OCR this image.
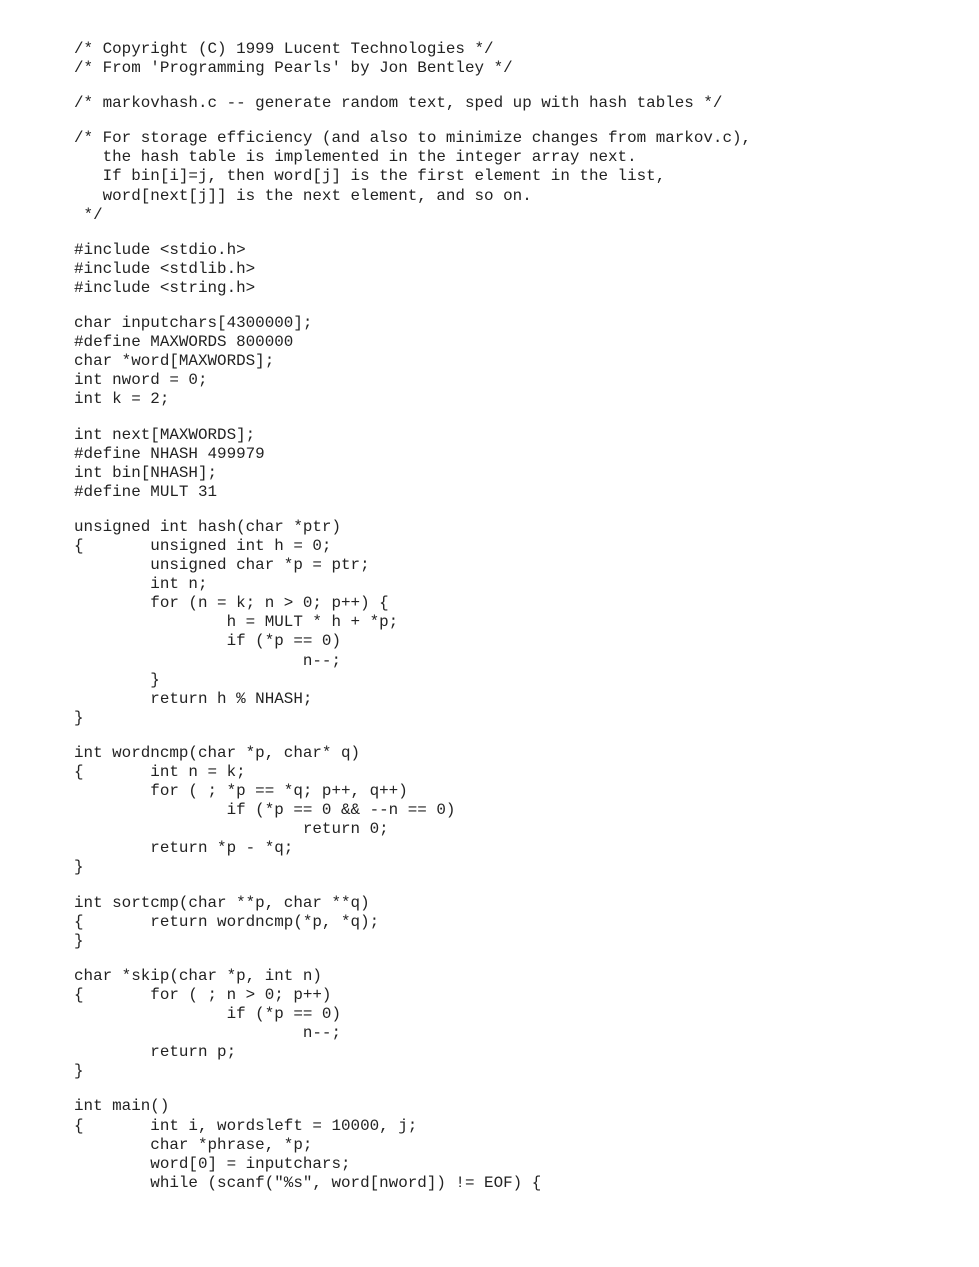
/* Copyright (C) 1999 Lucent Technologies */
/* From 'Programming Pearls' by Jon Bentley */
/* markovhash.c -- generate random text, sped up with hash tables */
/* For storage efficiency (and also to minimize changes from markov.c),
the hash table is implemented in the integer array next.
If bin[i]=j, then word[j] is the first element in the list,
word[next[j]] is the next element, and so on.
*/
#include <stdio.h>
#include <stdlib.h>
#include <string.h>
char inputchars[4300000];
#define MAXWORDS 800000
char *word[MAXWORDS];
int nword = 0;
int k = 2;
int next[MAXWORDS];
#define NHASH 499979
int bin[NHASH];
#define MULT 31
unsigned int hash(char *ptr)
{       unsigned int h = 0;
unsigned char *p = ptr;
int n;
for (n = k; n > 0; p++) {
h = MULT * h + *p;
if (*p == 0)
n--;
}
return h % NHASH;
}
int wordncmp(char *p, char* q)
{       int n = k;
for ( ; *p == *q; p++, q++)
if (*p == 0 && --n == 0)
return 0;
return *p - *q;
}
int sortcmp(char **p, char **q)
{       return wordncmp(*p, *q);
}
char *skip(char *p, int n)
{       for ( ; n > 0; p++)
if (*p == 0)
n--;
return p;
}
int main()
{       int i, wordsleft = 10000, j;
char *phrase, *p;
word[0] = inputchars;
while (scanf("%s", word[nword]) != EOF) {
